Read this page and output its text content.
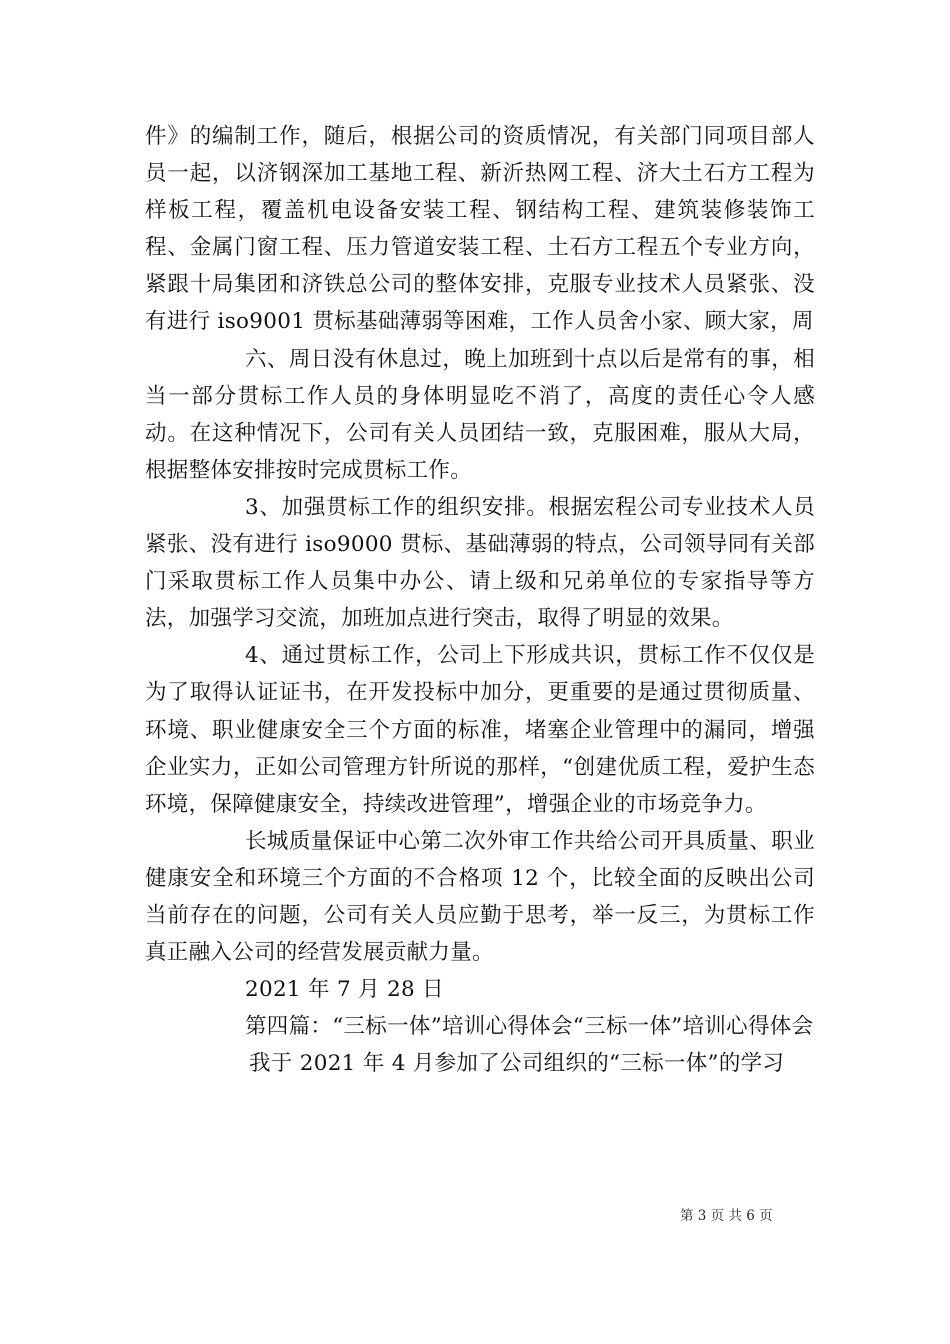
件》的编制工作，随后，根据公司的资质情况，有关部门同项目部人员一起，以济钢深加工基地工程、新沂热网工程、济大土石方工程为样板工程，覆盖机电设备安装工程、钢结构工程、建筑装修装饰工程、金属门窗工程、压力管道安装工程、土石方工程五个专业方向，紧跟十局集团和济铁总公司的整体安排，克服专业技术人员紧张、没有进行 iso9001 贯标基础薄弱等困难，工作人员舍小家、顾大家，周

六、周日没有休息过，晚上加班到十点以后是常有的事，相当一部分贯标工作人员的身体明显吃不消了，高度的责任心令人感动。在这种情况下，公司有关人员团结一致，克服困难，服从大局，根据整体安排按时完成贯标工作。

3、加强贯标工作的组织安排。根据宏程公司专业技术人员紧张、没有进行 iso9000 贯标、基础薄弱的特点，公司领导同有关部门采取贯标工作人员集中办公、请上级和兄弟单位的专家指导等方法，加强学习交流，加班加点进行突击，取得了明显的效果。

4、通过贯标工作，公司上下形成共识，贯标工作不仅仅是为了取得认证证书，在开发投标中加分，更重要的是通过贯彻质量、环境、职业健康安全三个方面的标准，堵塞企业管理中的漏同，增强企业实力，正如公司管理方针所说的那样，“创建优质工程，爱护生态环境，保障健康安全，持续改进管理”，增强企业的市场竞争力。

长城质量保证中心第二次外审工作共给公司开具质量、职业健康安全和环境三个方面的不合格项 12 个，比较全面的反映出公司当前存在的问题，公司有关人员应勤于思考，举一反三，为贯标工作真正融入公司的经营发展贡献力量。

2021 年 7 月 28 日

第四篇：“三标一体”培训心得体会“三标一体”培训心得体会

我于 2021 年 4 月参加了公司组织的“三标一体”的学习

第 3 页 共 6 页
